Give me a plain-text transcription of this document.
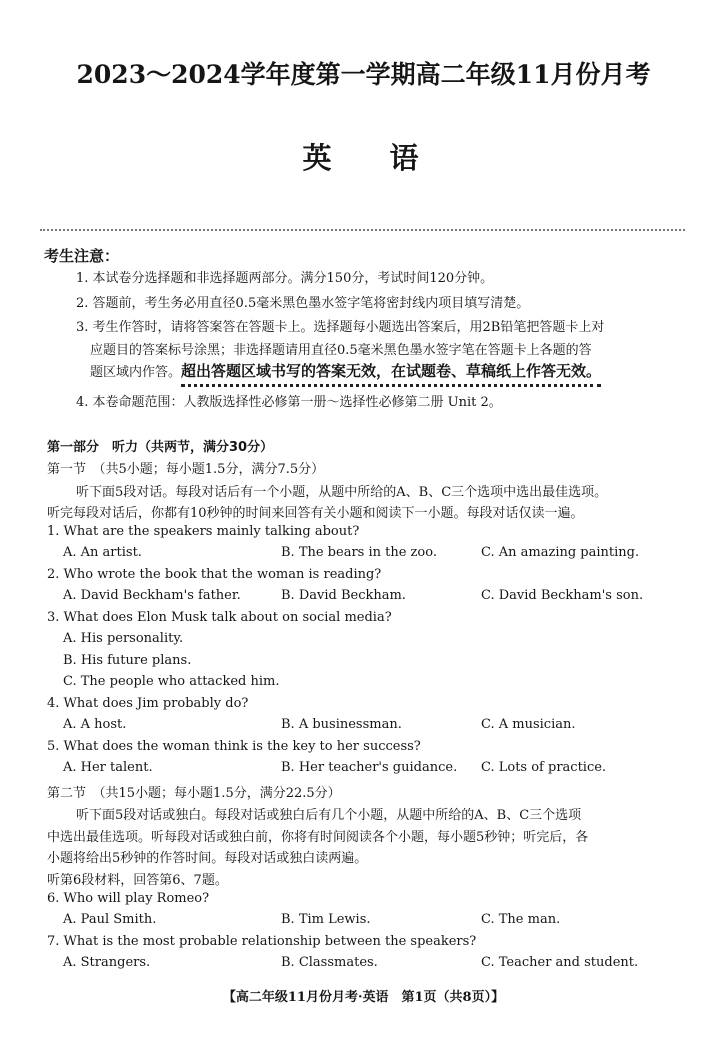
2023～2024学年度第一学期高二年级11月份月考
英 语
考生注意：
1. 本试卷分选择题和非选择题两部分。满分150分，考试时间120分钟。
2. 答题前，考生务必用直径0.5毫米黑色墨水签字笔将密封线内项目填写清楚。
3. 考生作答时，请将答案答在答题卡上。选择题每小题选出答案后，用2B铅笔把答题卡上对
应题目的答案标号涂黑；非选择题请用直径0.5毫米黑色墨水签字笔在答题卡上各题的答
题区域内作答。超出答题区域书写的答案无效，在试题卷、草稿纸上作答无效。
4. 本卷命题范围：人教版选择性必修第一册～选择性必修第二册 Unit 2。
第一部分　听力（共两节，满分30分）
第一节　（共5小题；每小题1.5分，满分7.5分）
听下面5段对话。每段对话后有一个小题，从题中所给的A、B、C三个选项中选出最佳选项。
听完每段对话后，你都有10秒钟的时间来回答有关小题和阅读下一小题。每段对话仅读一遍。
1. What are the speakers mainly talking about?
A. An artist.	B. The bears in the zoo.	C. An amazing painting.
2. Who wrote the book that the woman is reading?
A. David Beckham's father.	B. David Beckham.	C. David Beckham's son.
3. What does Elon Musk talk about on social media?
A. His personality.
B. His future plans.
C. The people who attacked him.
4. What does Jim probably do?
A. A host.	B. A businessman.	C. A musician.
5. What does the woman think is the key to her success?
A. Her talent.	B. Her teacher's guidance. C. Lots of practice.
第二节　（共15小题；每小题1.5分，满分22.5分）
听下面5段对话或独白。每段对话或独白后有几个小题，从题中所给的A、B、C三个选项
中选出最佳选项。听每段对话或独白前，你将有时间阅读各个小题，每小题5秒钟；听完后，各
小题将给出5秒钟的作答时间。每段对话或独白读两遍。
听第6段材料，回答第6、7题。
6. Who will play Romeo?
A. Paul Smith.	B. Tim Lewis.	C. The man.
7. What is the most probable relationship between the speakers?
A. Strangers.	B. Classmates.	C. Teacher and student.
【高二年级11月份月考·英语　第1页（共8页）】
